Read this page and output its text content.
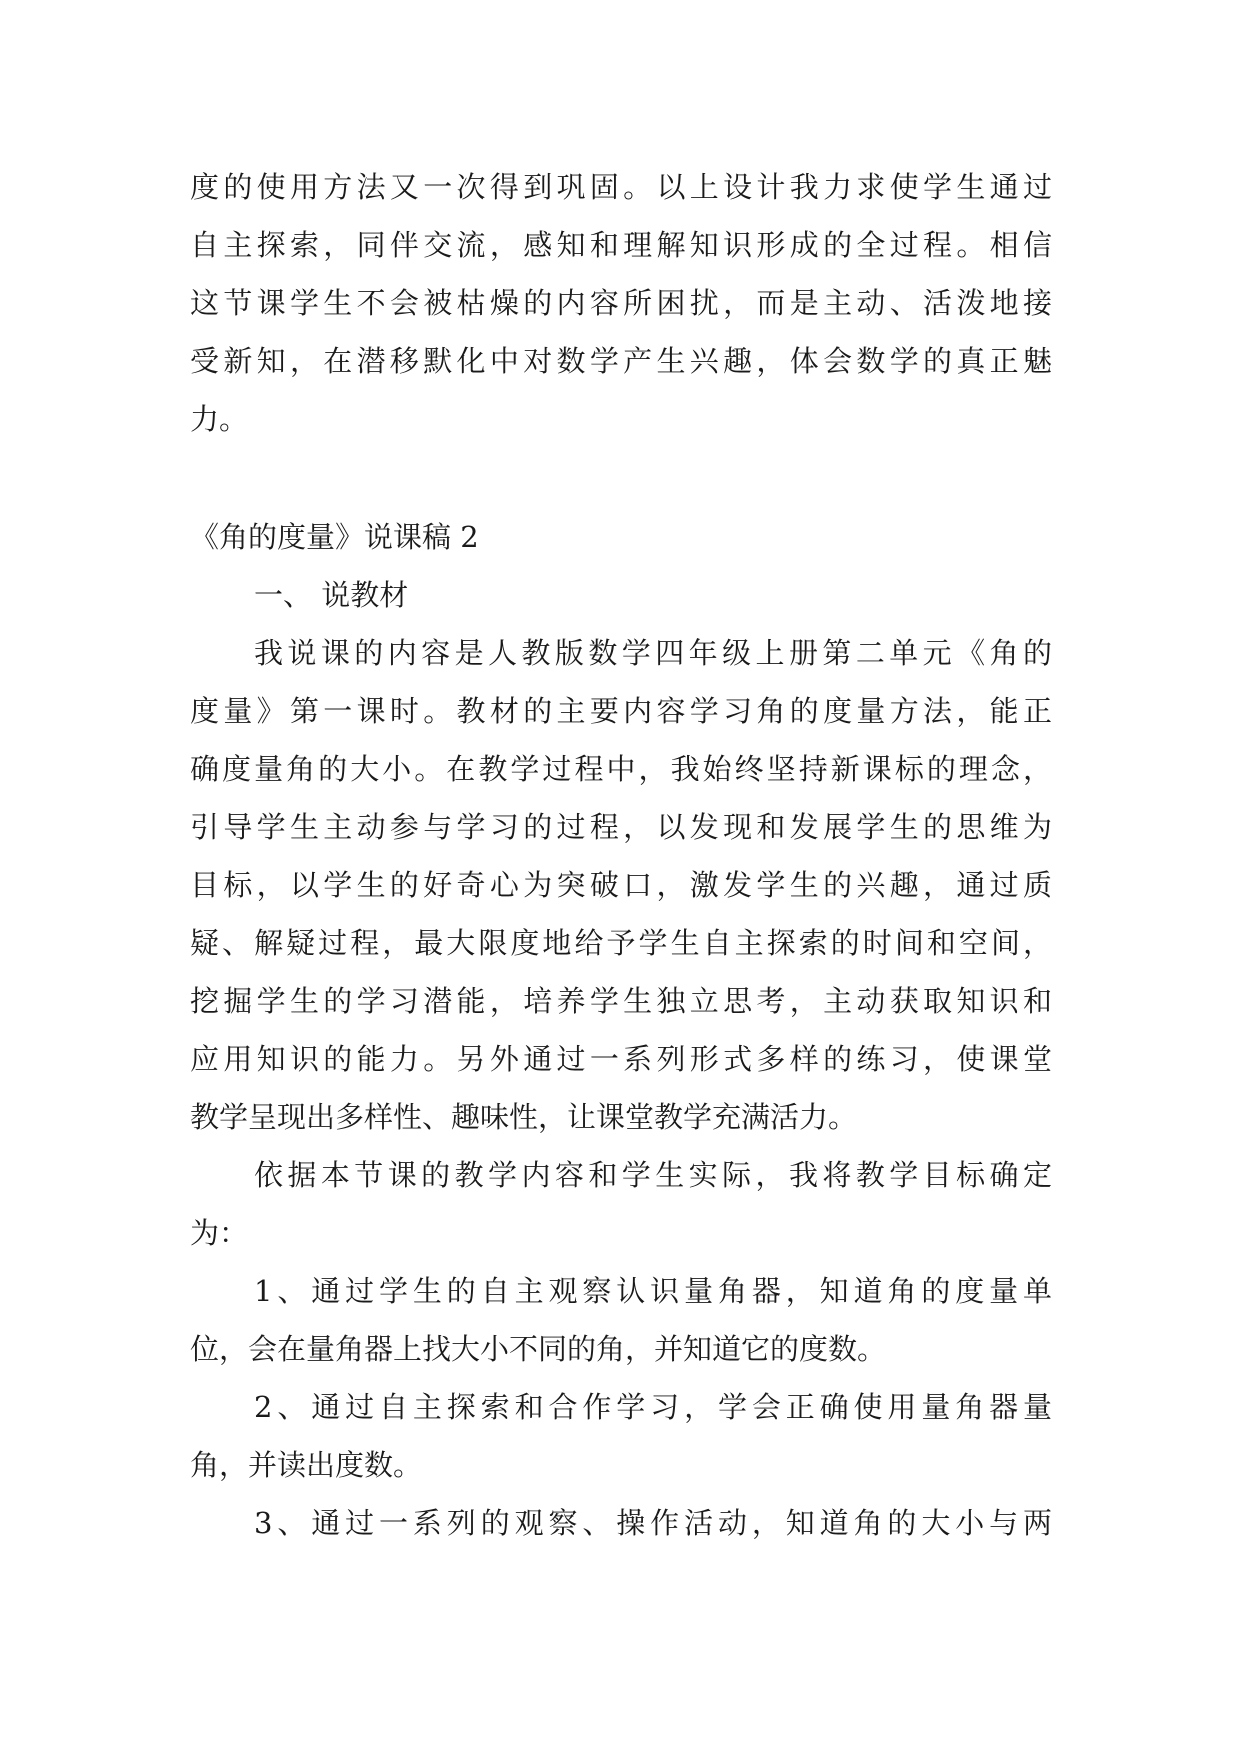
度的使用方法又一次得到巩固。以上设计我力求使学生通过
自主探索，同伴交流，感知和理解知识形成的全过程。相信
这节课学生不会被枯燥的内容所困扰，而是主动、活泼地接
受新知，在潜移默化中对数学产生兴趣，体会数学的真正魅
力。
《角的度量》说课稿 2
一、 说教材
我说课的内容是人教版数学四年级上册第二单元《角的
度量》第一课时。教材的主要内容学习角的度量方法，能正
确度量角的大小。在教学过程中，我始终坚持新课标的理念，
引导学生主动参与学习的过程，以发现和发展学生的思维为
目标，以学生的好奇心为突破口，激发学生的兴趣，通过质
疑、解疑过程，最大限度地给予学生自主探索的时间和空间，
挖掘学生的学习潜能，培养学生独立思考，主动获取知识和
应用知识的能力。另外通过一系列形式多样的练习，使课堂
教学呈现出多样性、趣味性，让课堂教学充满活力。
依据本节课的教学内容和学生实际，我将教学目标确定
为：
1、通过学生的自主观察认识量角器，知道角的度量单
位，会在量角器上找大小不同的角，并知道它的度数。
2、通过自主探索和合作学习，学会正确使用量角器量
角，并读出度数。
3、通过一系列的观察、操作活动，知道角的大小与两
